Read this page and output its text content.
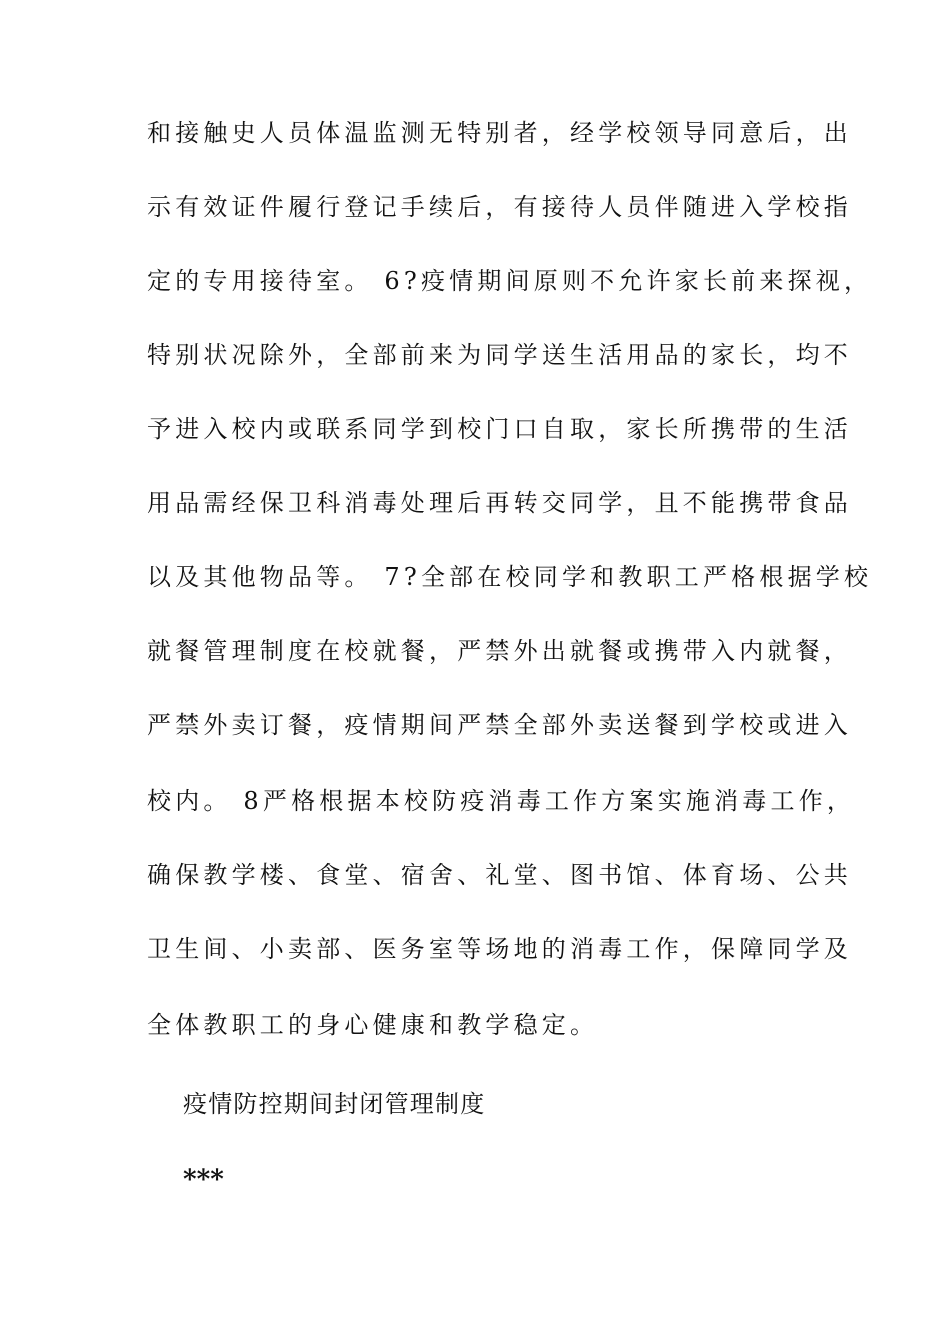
和接触史人员体温监测无特别者，经学校领导同意后，出
示有效证件履行登记手续后，有接待人员伴随进入学校指
定的专用接待室。 6?疫情期间原则不允许家长前来探视，
特别状况除外，全部前来为同学送生活用品的家长，均不
予进入校内或联系同学到校门口自取，家长所携带的生活
用品需经保卫科消毒处理后再转交同学，且不能携带食品
以及其他物品等。 7?全部在校同学和教职工严格根据学校
就餐管理制度在校就餐，严禁外出就餐或携带入内就餐，
严禁外卖订餐，疫情期间严禁全部外卖送餐到学校或进入
校内。 8严格根据本校防疫消毒工作方案实施消毒工作，
确保教学楼、食堂、宿舍、礼堂、图书馆、体育场、公共
卫生间、小卖部、医务室等场地的消毒工作，保障同学及
全体教职工的身心健康和教学稳定。
疫情防控期间封闭管理制度
***
